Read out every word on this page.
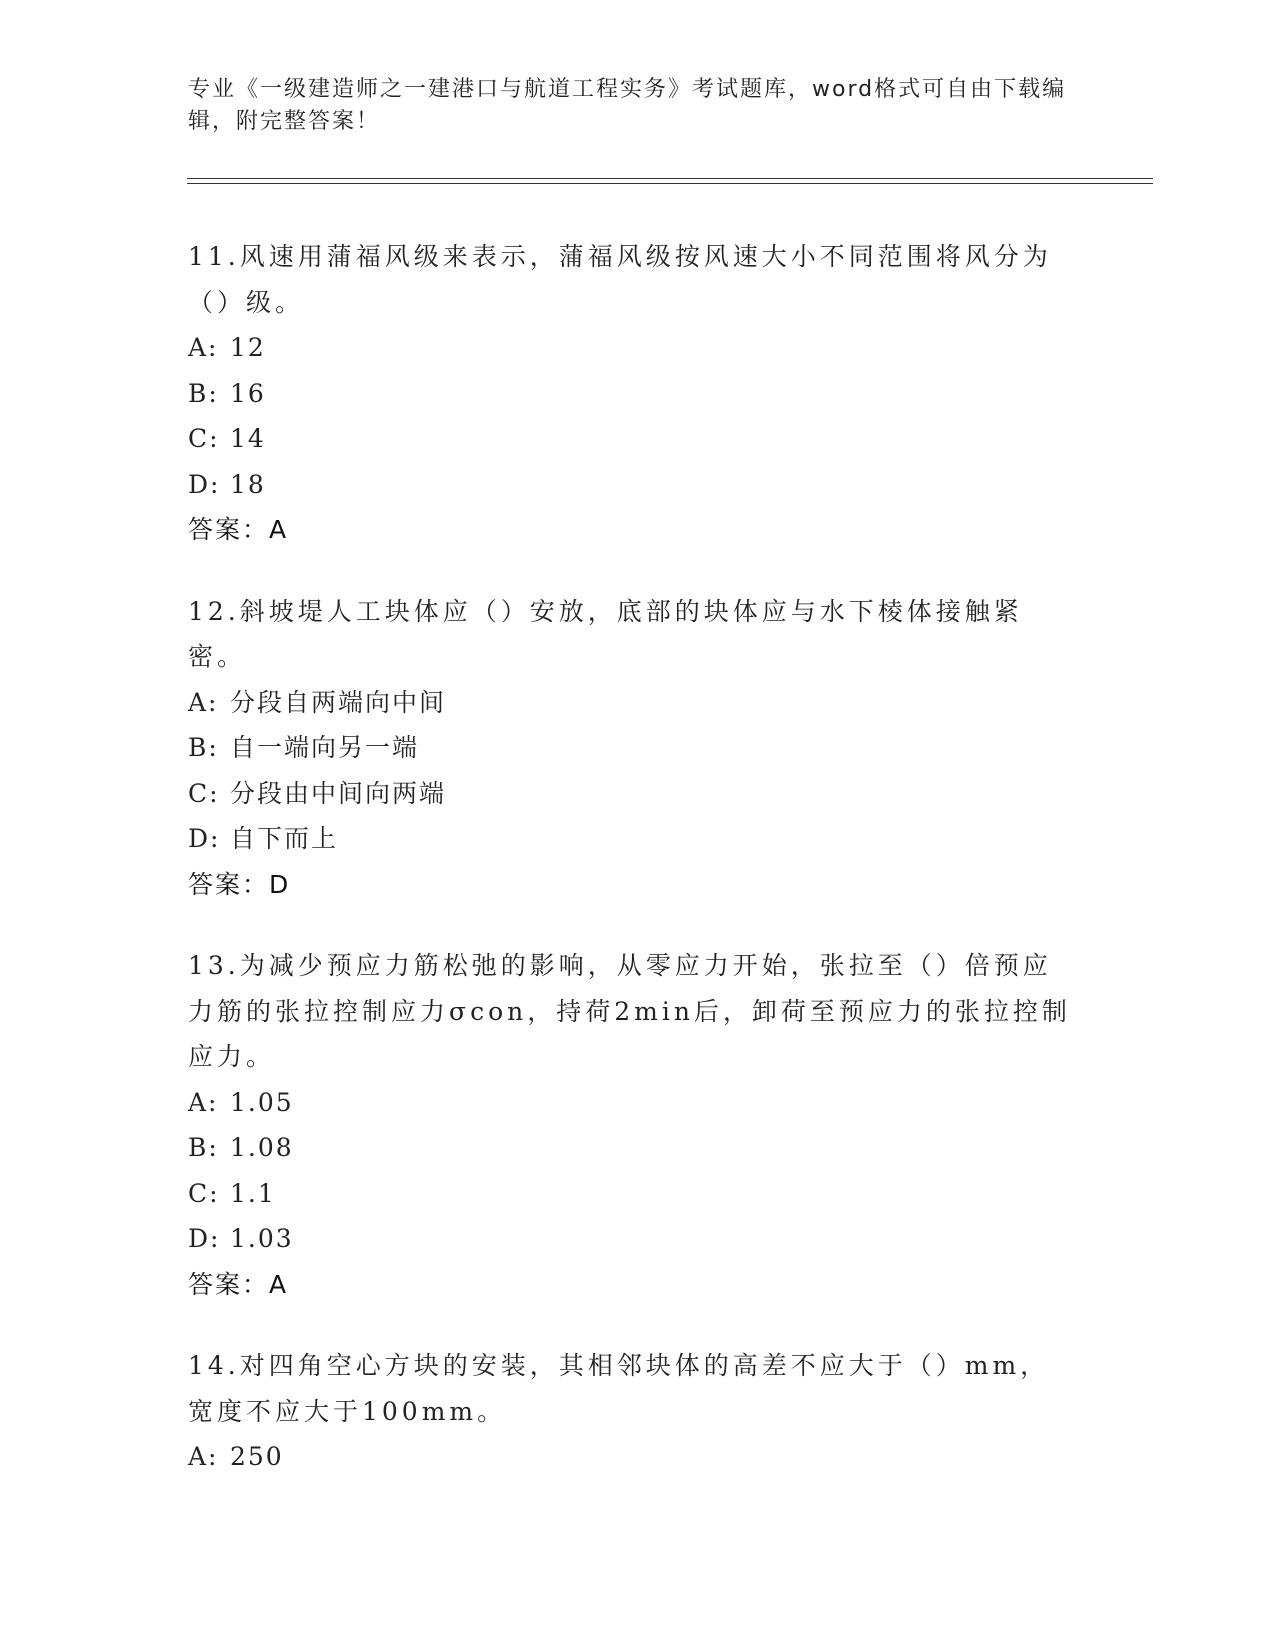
专业《一级建造师之一建港口与航道工程实务》考试题库，word格式可自由下载编辑，附完整答案！
11.风速用蒲福风级来表示，蒲福风级按风速大小不同范围将风分为（）级。
A: 12
B: 16
C: 14
D: 18
答案：A
12.斜坡堤人工块体应（）安放，底部的块体应与水下棱体接触紧密。
A: 分段自两端向中间
B: 自一端向另一端
C: 分段由中间向两端
D: 自下而上
答案：D
13.为减少预应力筋松弛的影响，从零应力开始，张拉至（）倍预应力筋的张拉控制应力σcon，持荷2min后，卸荷至预应力的张拉控制应力。
A: 1.05
B: 1.08
C: 1.1
D: 1.03
答案：A
14.对四角空心方块的安装，其相邻块体的高差不应大于（）mm，宽度不应大于100mm。
A: 250
